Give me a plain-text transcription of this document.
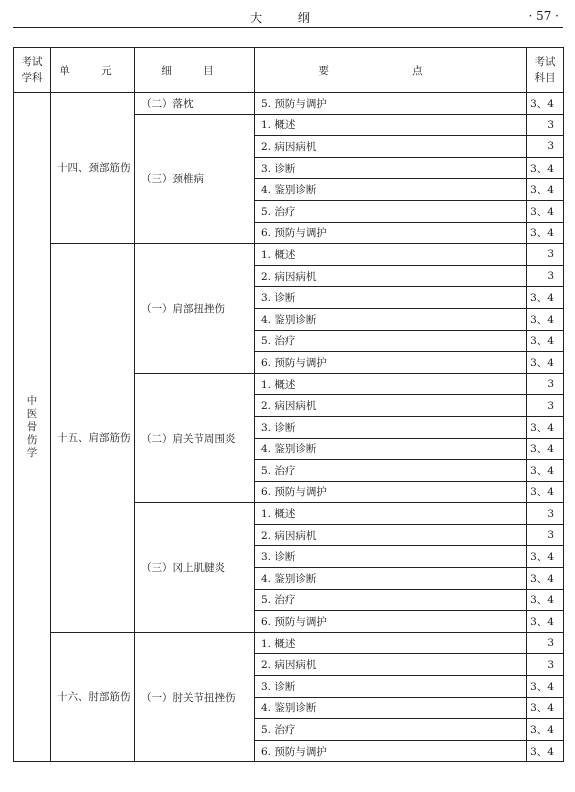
大 纲	· 57 ·
考试学科	单 元	细 目	要 点	考试科目
中医骨伤学	十四、颈部筋伤	（二）落枕	5. 预防与调护	3、4

		（三）颈椎病	1. 概述	3
			2. 病因病机	3
			3. 诊断	3、4
			4. 鉴别诊断	3、4
			5. 治疗	3、4
			6. 预防与调护	3、4

	十五、肩部筋伤	（一）肩部扭挫伤	1. 概述	3
			2. 病因病机	3
			3. 诊断	3、4
			4. 鉴别诊断	3、4
			5. 治疗	3、4
			6. 预防与调护	3、4

		（二）肩关节周围炎	1. 概述	3
			2. 病因病机	3
			3. 诊断	3、4
			4. 鉴别诊断	3、4
			5. 治疗	3、4
			6. 预防与调护	3、4

		（三）冈上肌腱炎	1. 概述	3
			2. 病因病机	3
			3. 诊断	3、4
			4. 鉴别诊断	3、4
			5. 治疗	3、4
			6. 预防与调护	3、4

	十六、肘部筋伤	（一）肘关节扭挫伤	1. 概述	3
			2. 病因病机	3
			3. 诊断	3、4
			4. 鉴别诊断	3、4
			5. 治疗	3、4
			6. 预防与调护	3、4
